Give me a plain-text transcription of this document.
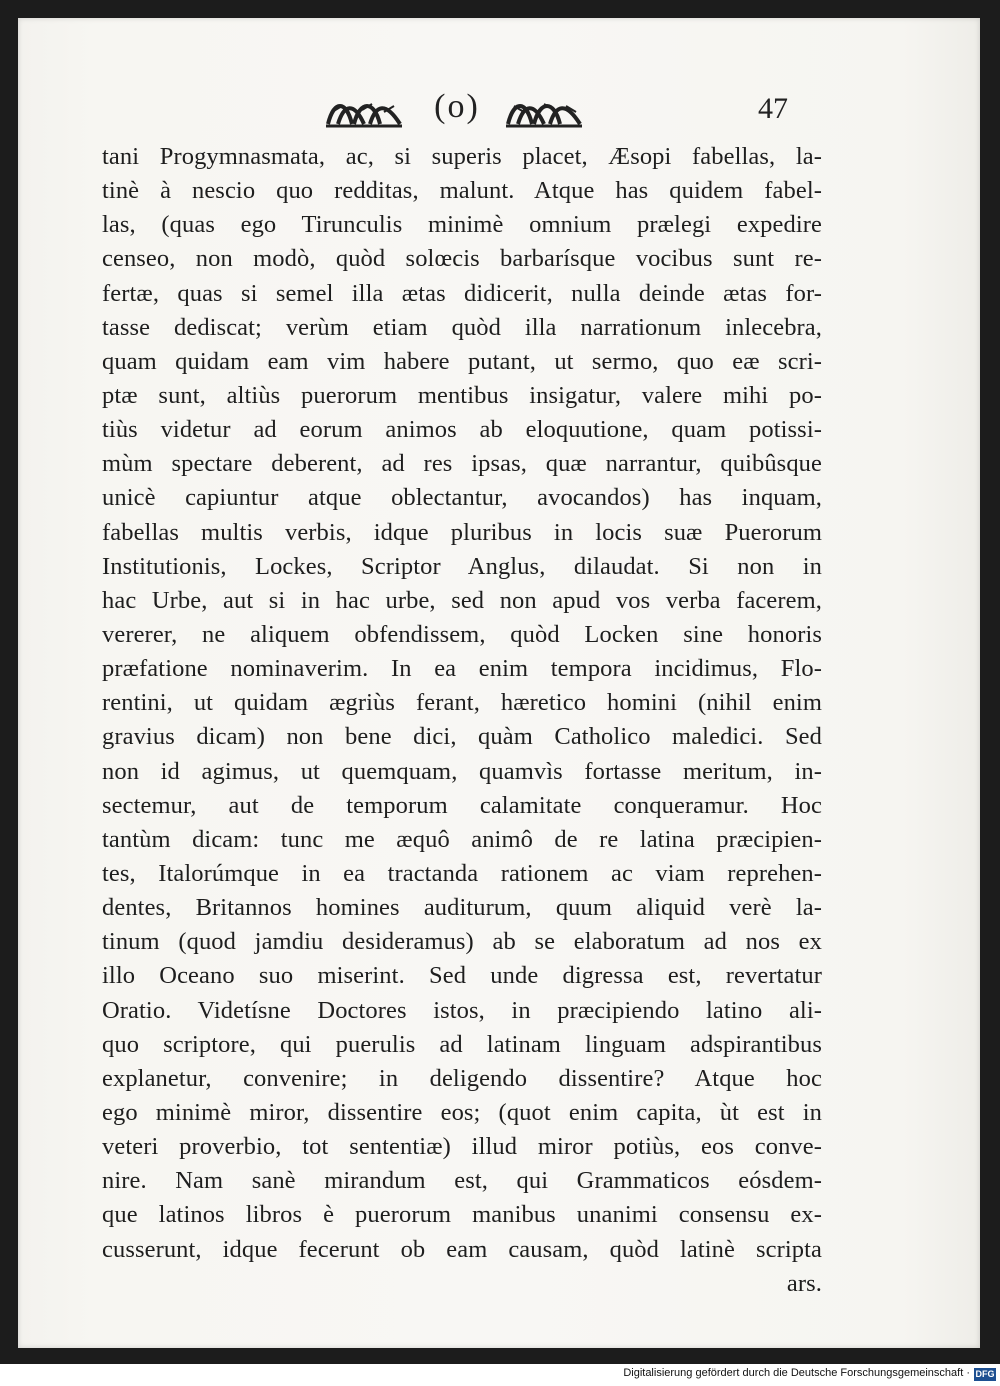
(o)	47
tani Progymnasmata, ac, si superis placet, Æsopi fabellas, la-
tinè à nescio quo redditas, malunt. Atque has quidem fabel-
las, (quas ego Tirunculis minimè omnium prælegi expedire
censeo, non modò, quòd solœcis barbarísque vocibus sunt re-
fertæ, quas si semel illa ætas didicerit, nulla deinde ætas for-
tasse dediscat; verùm etiam quòd illa narrationum inlecebra,
quam quidam eam vim habere putant, ut sermo, quo eæ scri-
ptæ sunt, altiùs puerorum mentibus insigatur, valere mihi po-
tiùs videtur ad eorum animos ab eloquutione, quam potissi-
mùm spectare deberent, ad res ipsas, quæ narrantur, quibûsque
unicè capiuntur atque oblectantur, avocandos) has inquam,
fabellas multis verbis, idque pluribus in locis suæ Puerorum
Institutionis, Lockes, Scriptor Anglus, dilaudat. Si non in
hac Urbe, aut si in hac urbe, sed non apud vos verba facerem,
vererer, ne aliquem obfendissem, quòd Locken sine honoris
præfatione nominaverim. In ea enim tempora incidimus, Flo-
rentini, ut quidam ægriùs ferant, hæretico homini (nihil enim
gravius dicam) non bene dici, quàm Catholico maledici. Sed
non id agimus, ut quemquam, quamvìs fortasse meritum, in-
sectemur, aut de temporum calamitate conqueramur. Hoc
tantùm dicam: tunc me æquô animô de re latina præcipien-
tes, Italorúmque in ea tractanda rationem ac viam reprehen-
dentes, Britannos homines auditurum, quum aliquid verè la-
tinum (quod jamdiu desideramus) ab se elaboratum ad nos ex
illo Oceano suo miserint. Sed unde digressa est, revertatur
Oratio. Videtísne Doctores istos, in præcipiendo latino ali-
quo scriptore, qui puerulis ad latinam linguam adspirantibus
explanetur, convenire; in deligendo dissentire? Atque hoc
ego minimè miror, dissentire eos; (quot enim capita, ùt est in
veteri proverbio, tot sententiæ) illud miror potiùs, eos conve-
nire. Nam sanè mirandum est, qui Grammaticos eósdem-
que latinos libros è puerorum manibus unanimi consensu ex-
cusserunt, idque fecerunt ob eam causam, quòd latinè scripta
ars.
Digitalisierung gefördert durch die Deutsche Forschungsgemeinschaft · DFG
